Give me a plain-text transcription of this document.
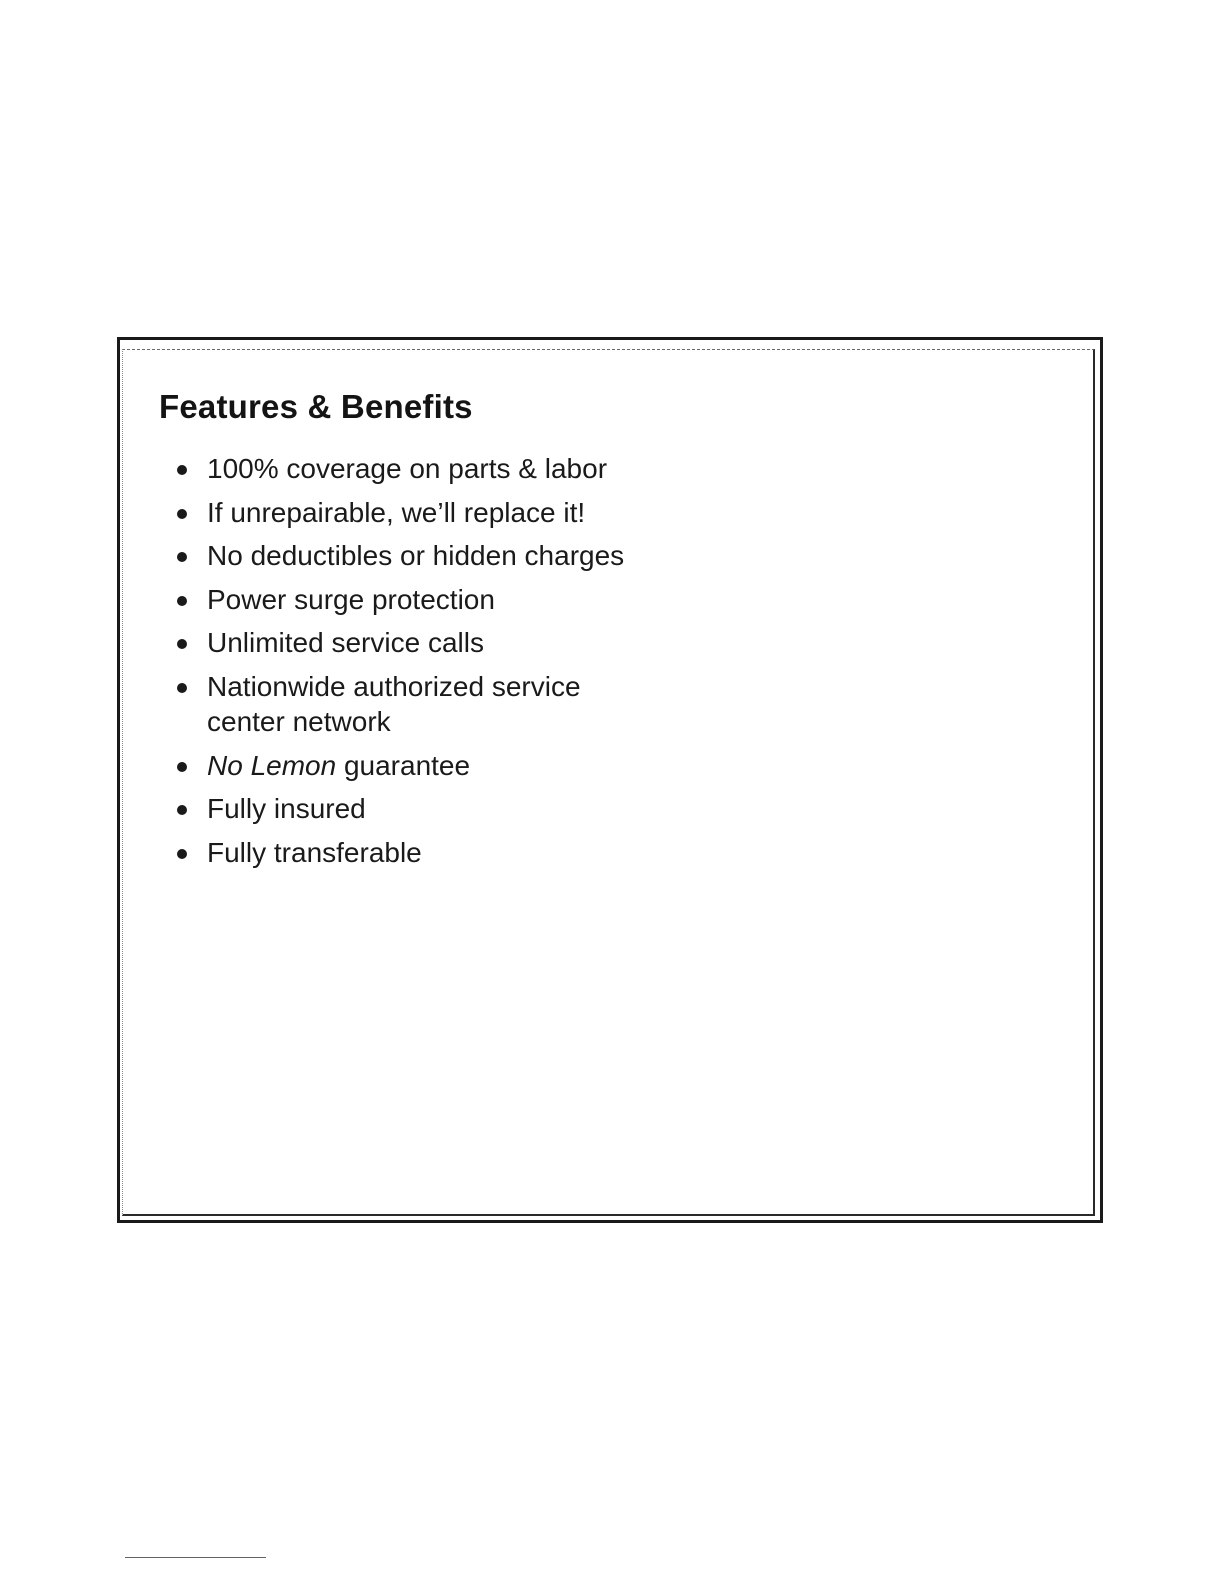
Features & Benefits
100% coverage on parts & labor
If unrepairable, we’ll replace it!
No deductibles or hidden charges
Power surge protection
Unlimited service calls
Nationwide authorized service center network
No Lemon guarantee
Fully insured
Fully transferable
